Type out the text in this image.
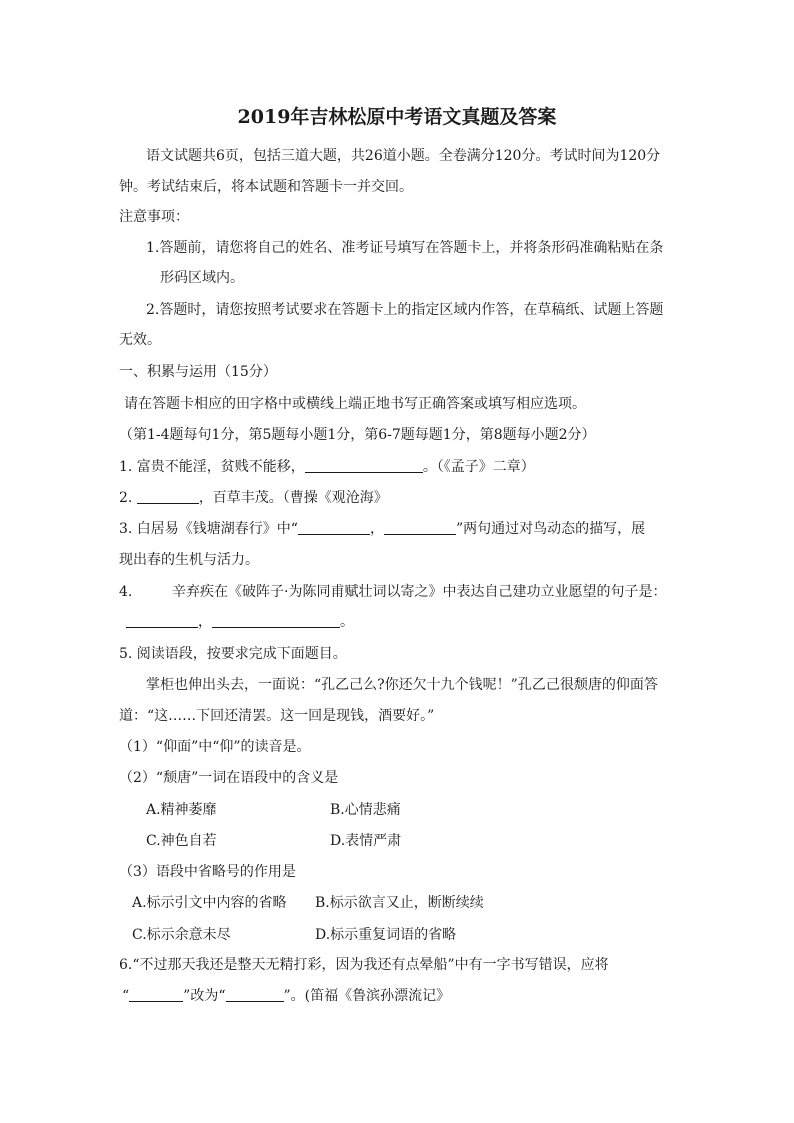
2019年吉林松原中考语文真题及答案
语文试题共6页，包括三道大题，共26道小题。全卷满分120分。考试时间为120分
钟。考试结束后，将本试题和答题卡一并交回。
注意事项：
1.答题前，请您将自己的姓名、准考证号填写在答题卡上，并将条形码准确粘贴在条
形码区域内。
2.答题时，请您按照考试要求在答题卡上的指定区域内作答，在草稿纸、试题上答题
无效。
一、积累与运用（15分）
请在答题卡相应的田字格中或横线上端正地书写正确答案或填写相应选项。
（第1-4题每句1分，第5题每小题1分，第6-7题每题1分，第8题每小题2分）
1. 富贵不能淫，贫贱不能移，	。（《孟子》二章）
2.	，百草丰茂。（曹操《观沧海》
3. 白居易《钱塘湖春行》中“	，	”两句通过对鸟动态的描写，展
现出春的生机与活力。
4.	辛弃疾在《破阵子·为陈同甫赋壮词以寄之》中表达自己建功立业愿望的句子是：
，	。
5. 阅读语段，按要求完成下面题目。
掌柜也伸出头去，一面说：“孔乙己么?你还欠十九个钱呢！”孔乙己很颓唐的仰面答
道：“这……下回还清罢。这一回是现钱，酒要好。”
（1）“仰面”中“仰”的读音是。
（2）“颓唐”一词在语段中的含义是
A.精神萎靡	B.心情悲痛
C.神色自若	D.表情严肃
（3）语段中省略号的作用是
A.标示引文中内容的省略 B.标示欲言又止，断断续续
C.标示余意未尽	D.标示重复词语的省略
6.“不过那天我还是整天无精打彩，因为我还有点晕船”中有一字书写错误，应将
“	”改为“	”。(笛福《鲁滨孙漂流记》
